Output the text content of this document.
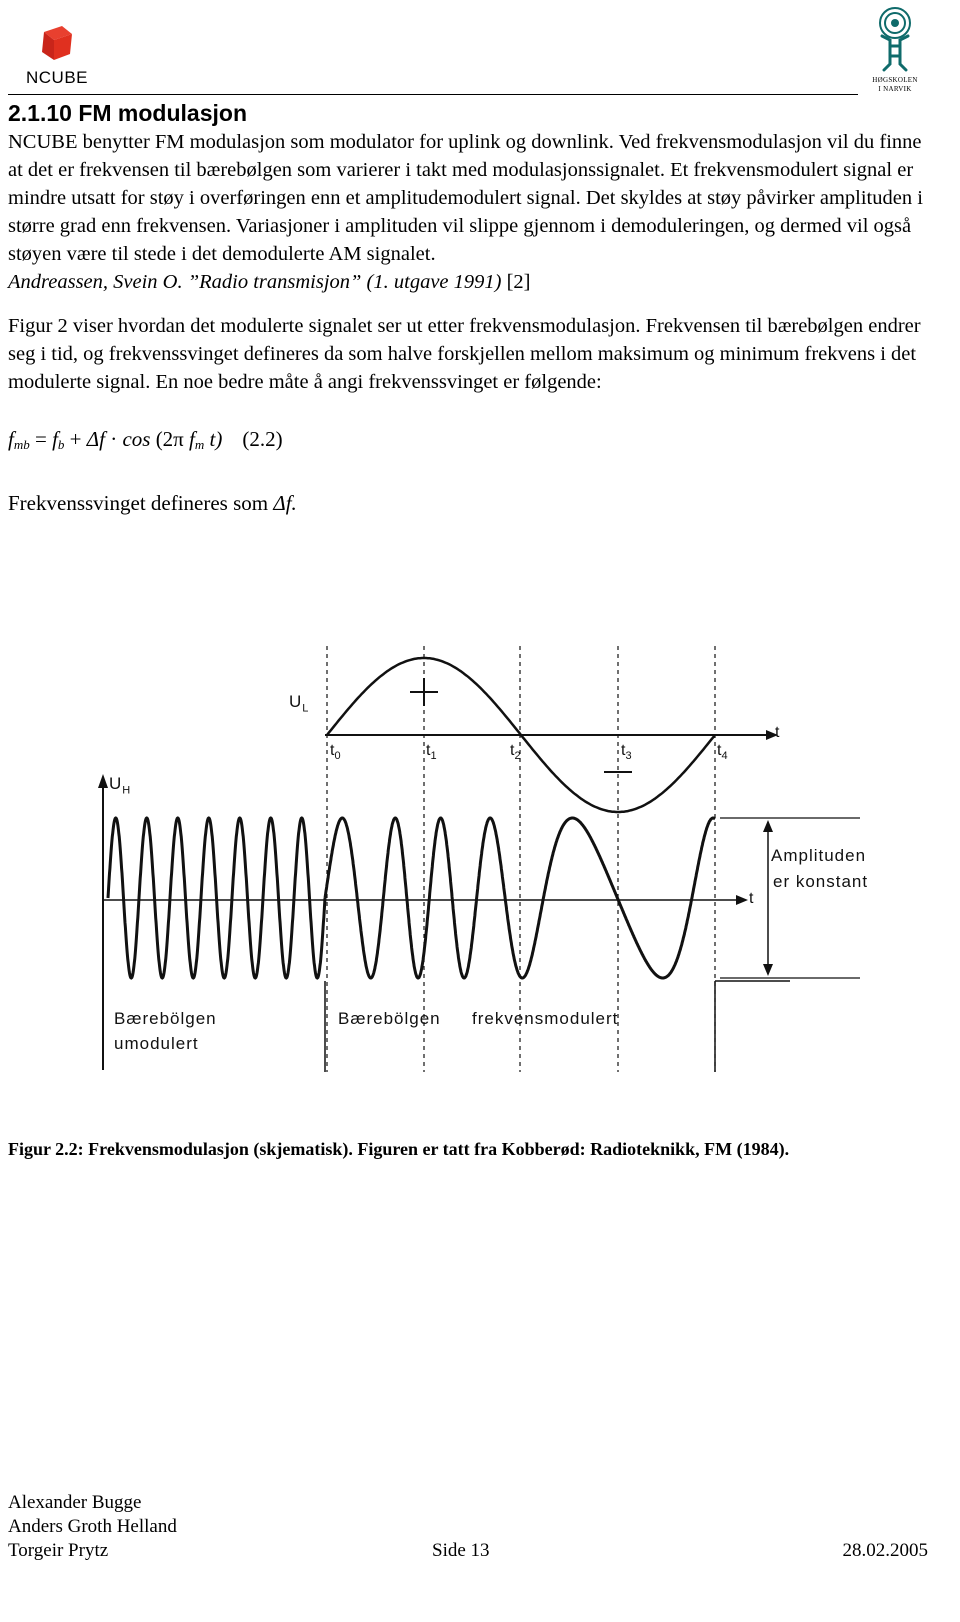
NCUBE	HØGSKOLEN
I NARVIK
2.1.10 FM modulasjon

NCUBE benytter FM modulasjon som modulator for uplink og downlink. Ved frekvensmodulasjon vil du finne at det er frekvensen til bærebølgen som varierer i takt med modulasjonssignalet. Et frekvensmodulert signal er mindre utsatt for støy i overføringen enn et amplitudemodulert signal. Det skyldes at støy påvirker amplituden i større grad enn frekvensen. Variasjoner i amplituden vil slippe gjennom i demoduleringen, og dermed vil også støyen være til stede i det demodulerte AM signalet.

Andreassen, Svein O. ”Radio transmisjon” (1. utgave 1991) [2]

Figur 2 viser hvordan det modulerte signalet ser ut etter frekvensmodulasjon. Frekvensen til bærebølgen endrer seg i tid, og frekvenssvinget defineres da som halve forskjellen mellom maksimum og minimum frekvens i det modulerte signal. En noe bedre måte å angi frekvenssvinget er følgende:

$f_{mb} = f_b + \Delta f \cdot \cos (2\pi$ $f_m$ t) (2.2)
Frekvenssvinget defineres som Δf.
$U_L$
$U_H$
t
t
$t_0$	$t_1$	$t_2$	$t_3$	$t_4$
Amplituden
er konstant
Bærebölgen
umodulert
Bærebölgen frekvensmodulert
Figur 2.2: Frekvensmodulasjon (skjematisk). Figuren er tatt fra Kobberød: Radioteknikk, FM (1984).
Alexander Bugge
Anders Groth Helland
Torgeir Prytz	Side 13	28.02.2005
